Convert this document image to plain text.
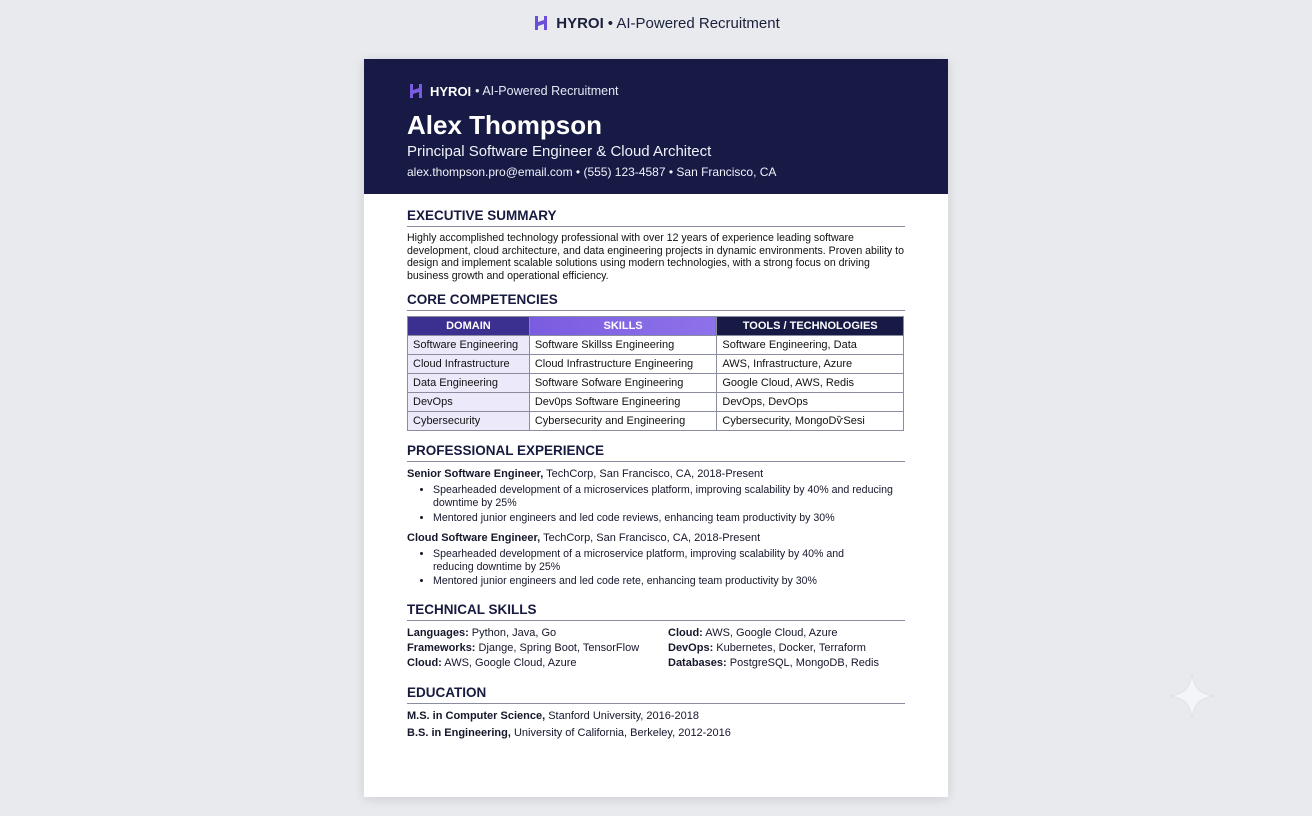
HYROI • AI-Powered Recruitment
HYROI • AI-Powered Recruitment
Alex Thompson
Principal Software Engineer & Cloud Architect
alex.thompson.pro@email.com • (555) 123-4587 • San Francisco, CA
EXECUTIVE SUMMARY
Highly accomplished technology professional with over 12 years of experience leading software development, cloud architecture, and data engineering projects in dynamic environments. Proven ability to design and implement scalable solutions using modern technologies, with a strong focus on driving business growth and operational efficiency.
CORE COMPETENCIES
DOMAIN	SKILLS	TOOLS / TECHNOLOGIES
Software Engineering	Software Skillss Engineering	Software Engineering, Data
Cloud Infrastructure	Cloud Infrastructure Engineering	AWS, Infrastructure, Azure
Data Engineering	Software Sofware Engineering	Google Cloud, AWS, Redis
DevOps	Dev0ps Software Engineering	DevOps, DevOps
Cybersecurity	Cybersecurity and Engineering	Cybersecurity, MongoDѷSesi
PROFESSIONAL EXPERIENCE
Senior Software Engineer, TechCorp, San Francisco, CA, 2018-Present
• Spearheaded development of a microservices platform, improving scalability by 40% and reducing downtime by 25%
• Mentored junior engineers and led code reviews, enhancing team productivity by 30%
Cloud Software Engineer, TechCorp, San Francisco, CA, 2018-Present
• Spearheaded development of a microservice platform, improving scalability by 40% and reducing downtime by 25%
• Mentored junior engineers and led code rete, enhancing team productivity by 30%
TECHNICAL SKILLS
Languages: Python, Java, Go	Cloud: AWS, Google Cloud, Azure
Frameworks: Djange, Spring Boot, TensorFlow	DevOps: Kubernetes, Docker, Terraform
Cloud: AWS, Google Cloud, Azure	Databases: PostgreSQL, MongoDB, Redis
EDUCATION
M.S. in Computer Science, Stanford University, 2016-2018
B.S. in Engineering, University of California, Berkeley, 2012-2016
